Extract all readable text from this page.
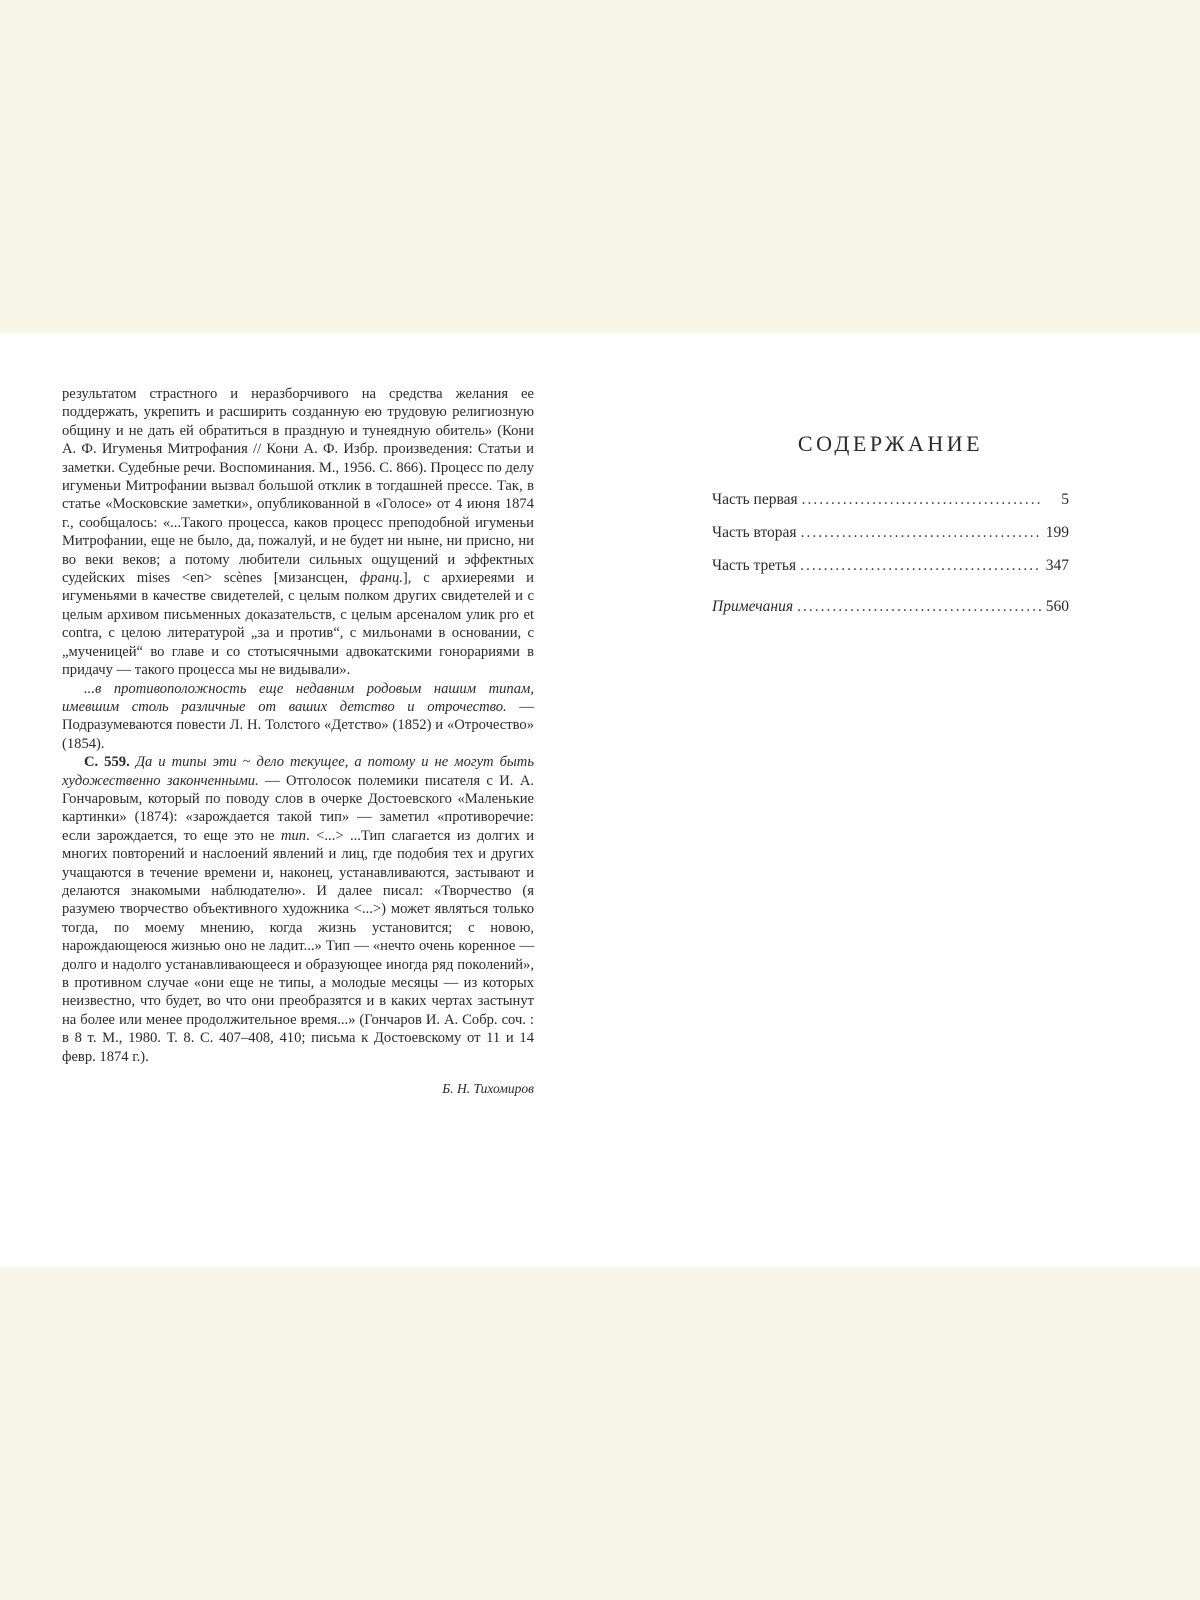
результатом страстного и неразборчивого на средства желания ее поддержать, укрепить и расширить созданную ею трудовую религиозную общину и не дать ей обратиться в праздную и тунеядную обитель» (Кони А. Ф. Игуменья Митрофания // Кони А. Ф. Избр. произведения: Статьи и заметки. Судебные речи. Воспоминания. М., 1956. С. 866). Процесс по делу игуменьи Митрофании вызвал большой отклик в тогдашней прессе. Так, в статье «Московские заметки», опубликованной в «Голосе» от 4 июня 1874 г., сообщалось: «...Такого процесса, каков процесс преподобной игуменьи Митрофании, еще не было, да, пожалуй, и не будет ни ныне, ни присно, ни во веки веков; а потому любители сильных ощущений и эффектных судейских mises <en> scènes [мизансцен, франц.], с архиереями и игуменьями в качестве свидетелей, с целым полком других свидетелей и с целым архивом письменных доказательств, с целым арсеналом улик pro et contra, с целою литературой „за и против“, с мильонами в основании, с „мученицей“ во главе и со стотысячными адвокатскими гонорариями в придачу — такого процесса мы не видывали».

...в противоположность еще недавним родовым нашим типам, имевшим столь различные от ваших детство и отрочество. — Подразумеваются повести Л. Н. Толстого «Детство» (1852) и «Отрочество» (1854).

С. 559. Да и типы эти ~ дело текущее, а потому и не могут быть художественно законченными. — Отголосок полемики писателя с И. А. Гончаровым, который по поводу слов в очерке Достоевского «Маленькие картинки» (1874): «зарождается такой тип» — заметил «противоречие: если зарождается, то еще это не тип. <...> ...Тип слагается из долгих и многих повторений и наслоений явлений и лиц, где подобия тех и других учащаются в течение времени и, наконец, устанавливаются, застывают и делаются знакомыми наблюдателю». И далее писал: «Творчество (я разумею творчество объективного художника <...>) может являться только тогда, по моему мнению, когда жизнь установится; с новою, нарождающеюся жизнью оно не ладит...» Тип — «нечто очень коренное — долго и надолго устанавливающееся и образующее иногда ряд поколений», в противном случае «они еще не типы, а молодые месяцы — из которых неизвестно, что будет, во что они преобразятся и в каких чертах застынут на более или менее продолжительное время...» (Гончаров И. А. Собр. соч. : в 8 т. М., 1980. Т. 8. С. 407–408, 410; письма к Достоевскому от 11 и 14 февр. 1874 г.).

Б. Н. Тихомиров

СОДЕРЖАНИЕ
Часть первая .....	5
Часть вторая .....	199
Часть третья .....	347
Примечания .....	560
